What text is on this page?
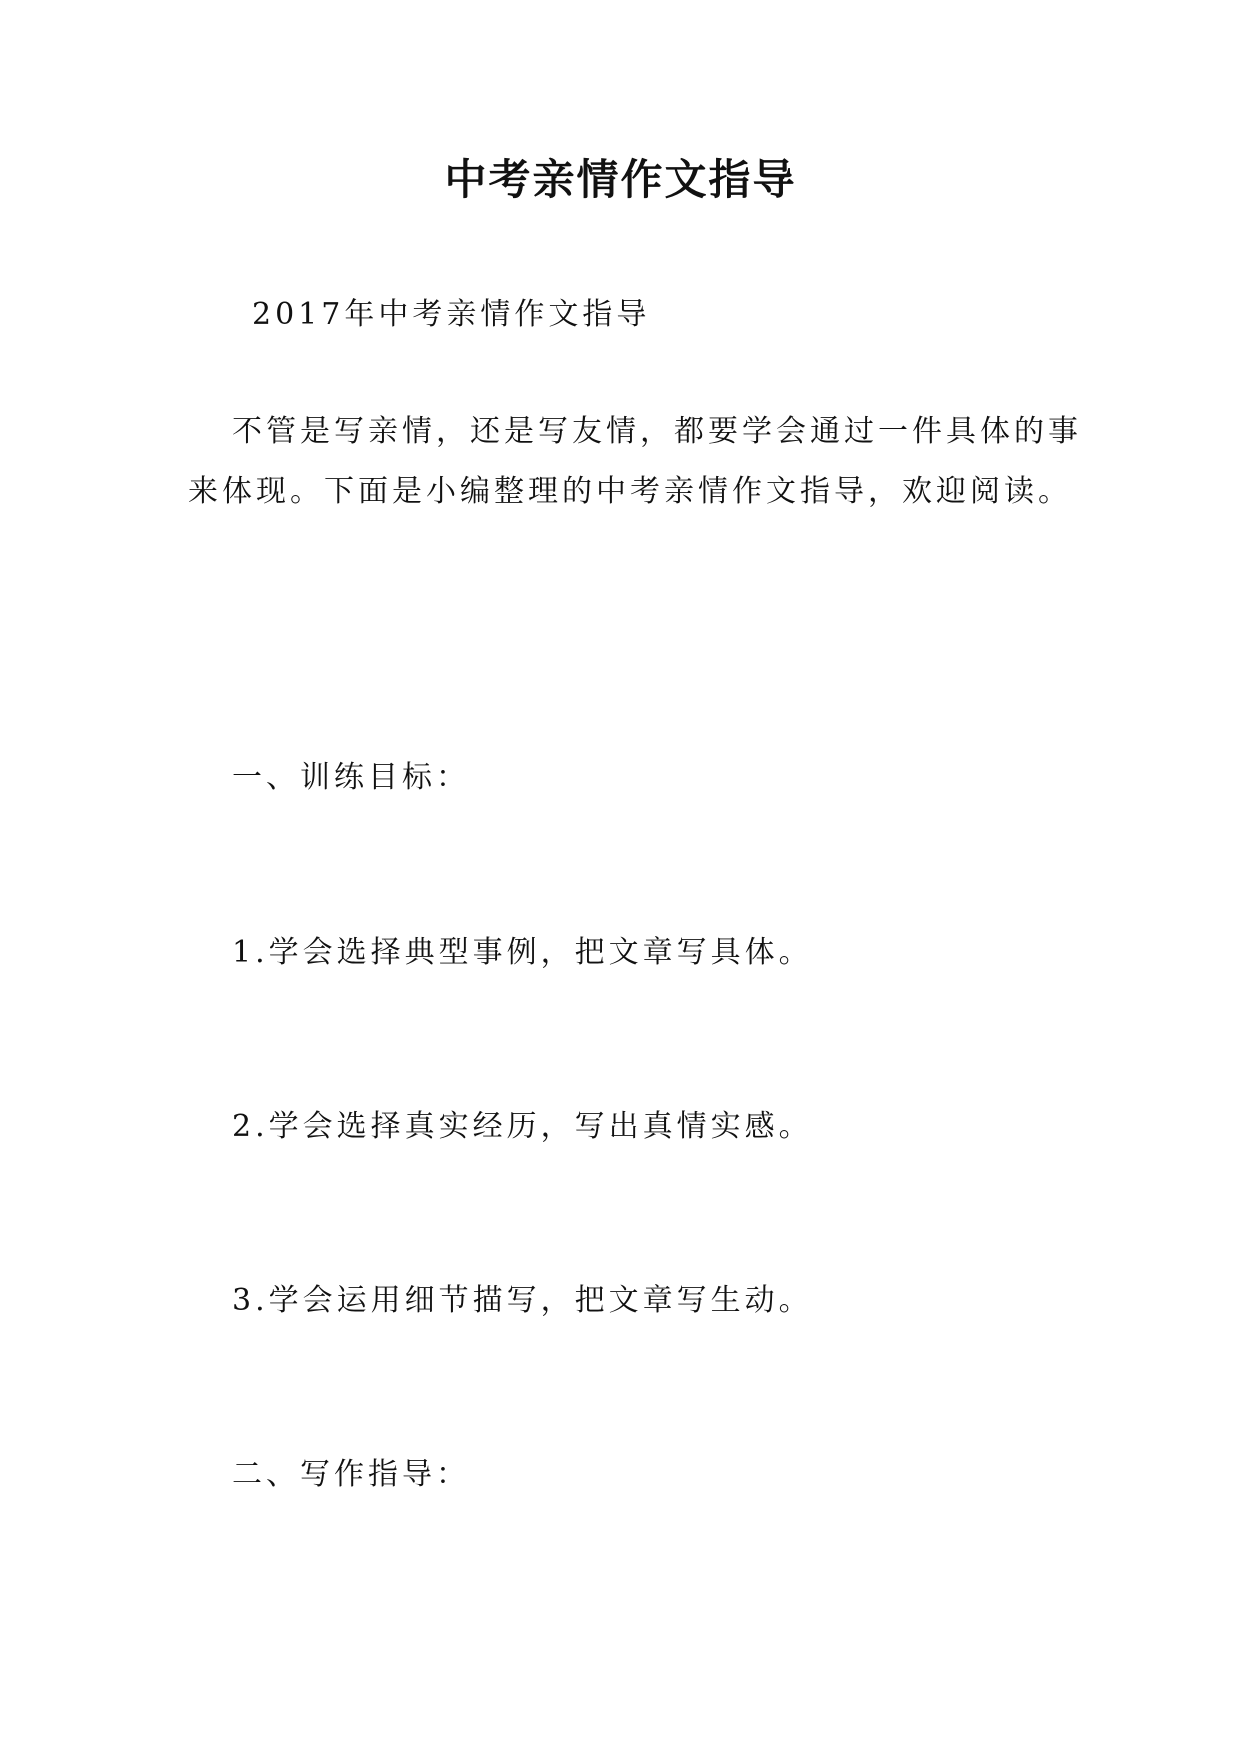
中考亲情作文指导

2017年中考亲情作文指导

不管是写亲情，还是写友情，都要学会通过一件具体的事

来体现。下面是小编整理的中考亲情作文指导，欢迎阅读。

一、训练目标：

1.学会选择典型事例，把文章写具体。

2.学会选择真实经历，写出真情实感。

3.学会运用细节描写，把文章写生动。

二、写作指导：
